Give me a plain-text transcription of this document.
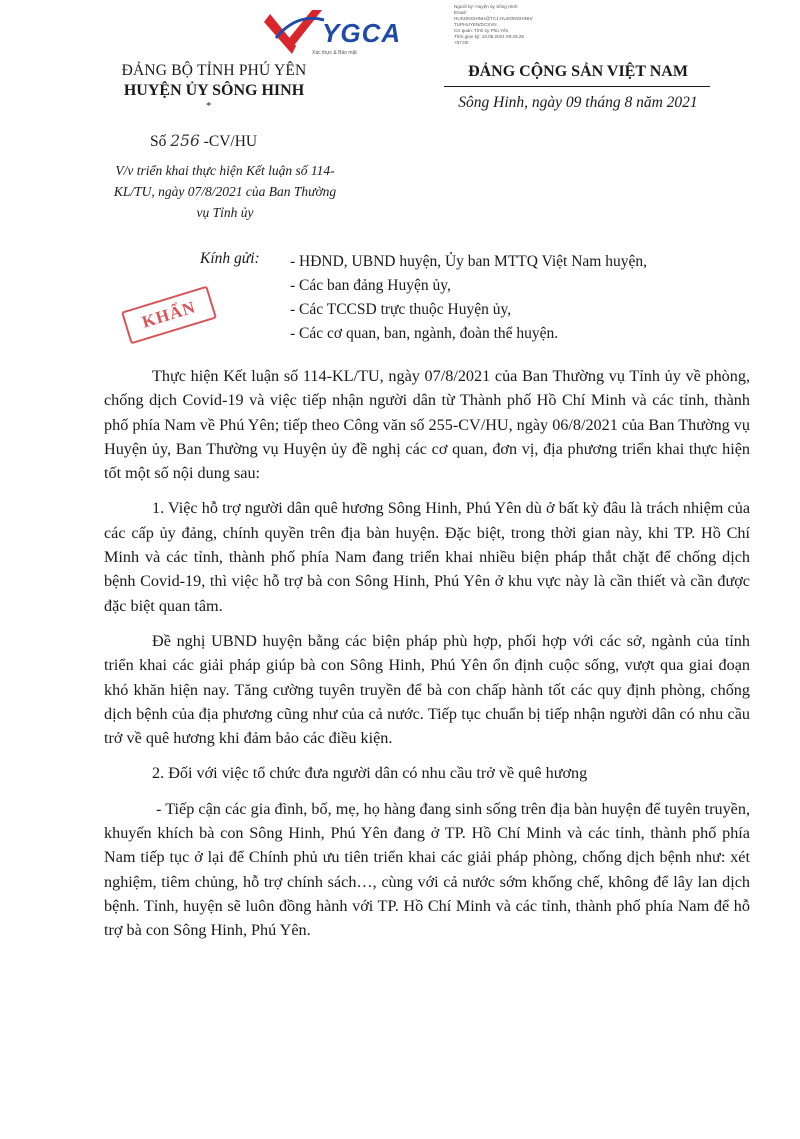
YGCA
Xác thực & Bảo mật
Người ký: Huyện ủy Sông Hinh
Email:
HUSONGHINH@TC1.HUSONGHINH/
TUPHUYEN/DCSVN
Cơ quan: Tỉnh ủy Phú Yên
Thời gian ký: 10.08.2021 09:29:25
+07:00
ĐẢNG BỘ TỈNH PHÚ YÊN
HUYỆN ỦY SÔNG HINH
*
ĐẢNG CỘNG SẢN VIỆT NAM
Sông Hinh, ngày 09 tháng 8 năm 2021
Số 256 -CV/HU
V/v triển khai thực hiện Kết luận số 114-KL/TU, ngày 07/8/2021 của Ban Thường vụ Tỉnh ủy
Kính gửi: - HĐND, UBND huyện, Ủy ban MTTQ Việt Nam huyện,
- Các ban đảng Huyện ủy,
- Các TCCSD trực thuộc Huyện ủy,
- Các cơ quan, ban, ngành, đoàn thể huyện.
KHẨN

Thực hiện Kết luận số 114-KL/TU, ngày 07/8/2021 của Ban Thường vụ Tỉnh ủy về phòng, chống dịch Covid-19 và việc tiếp nhận người dân từ Thành phố Hồ Chí Minh và các tỉnh, thành phố phía Nam về Phú Yên; tiếp theo Công văn số 255-CV/HU, ngày 06/8/2021 của Ban Thường vụ Huyện ủy, Ban Thường vụ Huyện ủy đề nghị các cơ quan, đơn vị, địa phương triển khai thực hiện tốt một số nội dung sau:

1. Việc hỗ trợ người dân quê hương Sông Hinh, Phú Yên dù ở bất kỳ đâu là trách nhiệm của các cấp ủy đảng, chính quyền trên địa bàn huyện. Đặc biệt, trong thời gian này, khi TP. Hồ Chí Minh và các tỉnh, thành phố phía Nam đang triển khai nhiều biện pháp thắt chặt để chống dịch bệnh Covid-19, thì việc hỗ trợ bà con Sông Hinh, Phú Yên ở khu vực này là cần thiết và cần được đặc biệt quan tâm.

Đề nghị UBND huyện bằng các biện pháp phù hợp, phối hợp với các sở, ngành của tỉnh triển khai các giải pháp giúp bà con Sông Hinh, Phú Yên ổn định cuộc sống, vượt qua giai đoạn khó khăn hiện nay. Tăng cường tuyên truyền để bà con chấp hành tốt các quy định phòng, chống dịch bệnh của địa phương cũng như của cả nước. Tiếp tục chuẩn bị tiếp nhận người dân có nhu cầu trở về quê hương khi đảm bảo các điều kiện.

2. Đối với việc tổ chức đưa người dân có nhu cầu trở về quê hương

- Tiếp cận các gia đình, bố, mẹ, họ hàng đang sinh sống trên địa bàn huyện để tuyên truyền, khuyến khích bà con Sông Hinh, Phú Yên đang ở TP. Hồ Chí Minh và các tỉnh, thành phố phía Nam tiếp tục ở lại để Chính phủ ưu tiên triển khai các giải pháp phòng, chống dịch bệnh như: xét nghiệm, tiêm chủng, hỗ trợ chính sách…, cùng với cả nước sớm khống chế, không để lây lan dịch bệnh. Tỉnh, huyện sẽ luôn đồng hành với TP. Hồ Chí Minh và các tỉnh, thành phố phía Nam để hỗ trợ bà con Sông Hinh, Phú Yên.
